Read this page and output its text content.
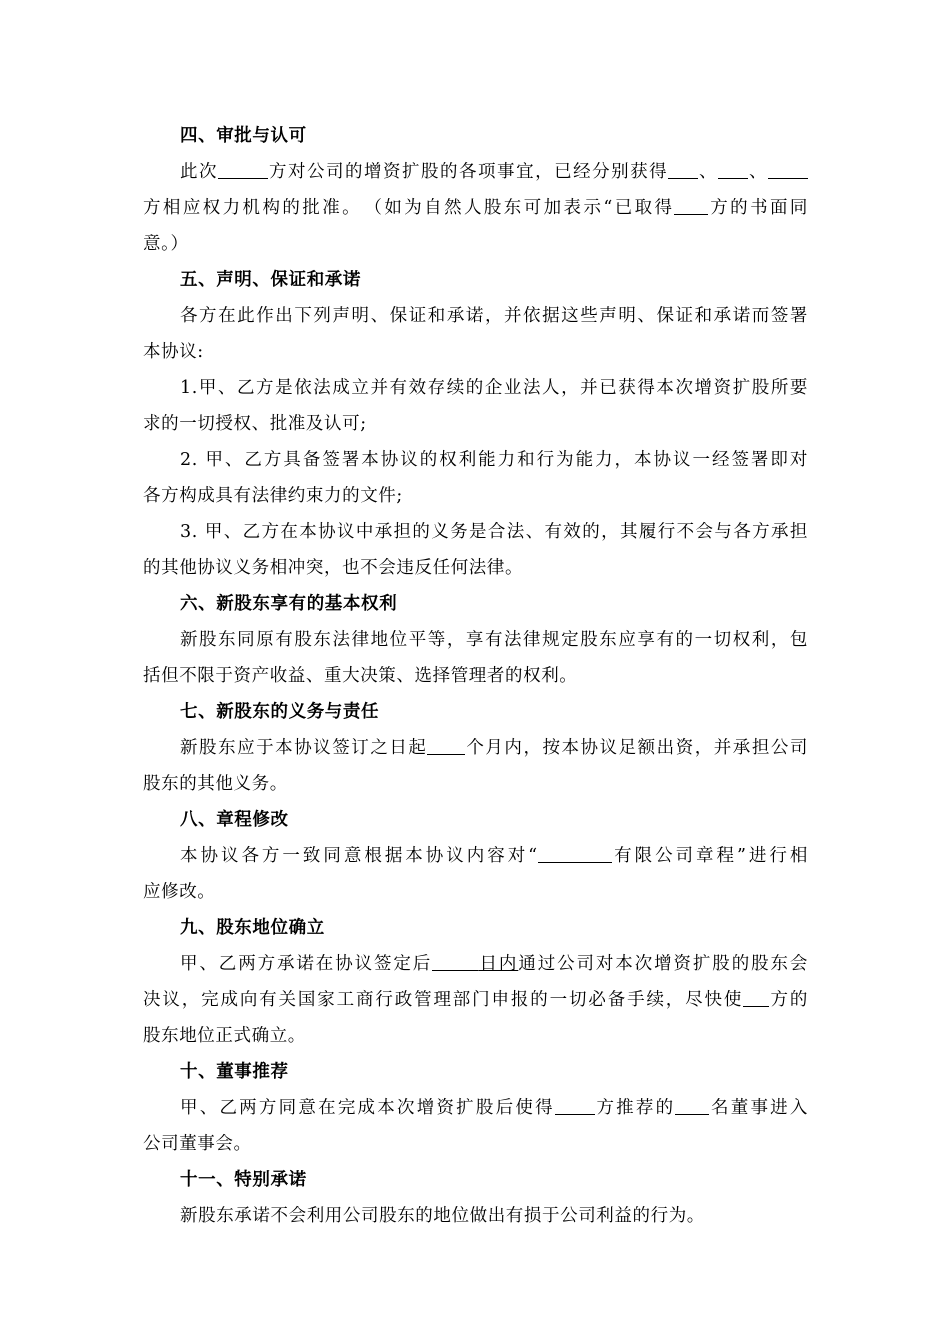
四、审批与认可
此次	方对公司的增资扩股的各项事宜，已经分别获得 、 、
方相应权力机构的批准。　（如为自然人股东可加表示“已取得 方的书面同
意。）
五、声明、保证和承诺
各方在此作出下列声明、保证和承诺，并依据这些声明、保证和承诺而签署
本协议:
1.甲、乙方是依法成立并有效存续的企业法人，并已获得本次增资扩股所要
求的一切授权、批准及认可;
2. 甲、乙方具备签署本协议的权利能力和行为能力，本协议一经签署即对
各方构成具有法律约束力的文件;
3. 甲、乙方在本协议中承担的义务是合法、有效的，其履行不会与各方承担
的其他协议义务相冲突，也不会违反任何法律。
六、新股东享有的基本权利
新股东同原有股东法律地位平等，享有法律规定股东应享有的一切权利，包
括但不限于资产收益、重大决策、选择管理者的权利。
七、新股东的义务与责任
新股东应于本协议签订之日起 个月内，按本协议足额出资，并承担公司
股东的其他义务。
八、章程修改
本协议各方一致同意根据本协议内容对“	有限公司章程”进行相
应修改。
九、股东地位确立
甲、乙两方承诺在协议签定后	日内通过公司对本次增资扩股的股东会
决议，完成向有关国家工商行政管理部门申报的一切必备手续，尽快使 方的
股东地位正式确立。
十、董事推荐
甲、乙两方同意在完成本次增资扩股后使得 方推荐的 名董事进入
公司董事会。
十一、特别承诺
新股东承诺不会利用公司股东的地位做出有损于公司利益的行为。
